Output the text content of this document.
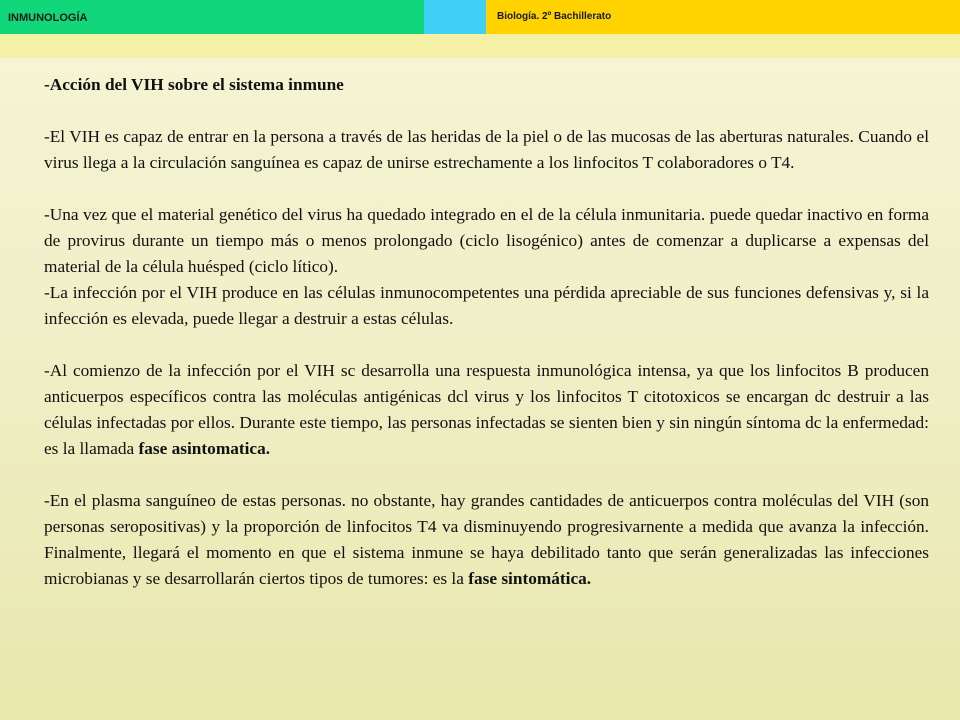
INMUNOLOGÍA	Biología. 2º Bachillerato

-Acción del VIH sobre el sistema inmune

-El VIH es capaz de entrar en la persona a través de las heridas de la piel o de las mucosas de las aberturas naturales. Cuando el virus llega a la circulación sanguínea es capaz de unirse estrechamente a los linfocitos T colaboradores o T4.

-Una vez que el material genético del virus ha quedado integrado en el de la célula inmunitaria. puede quedar inactivo en forma de provirus durante un tiempo más o menos prolongado (ciclo lisogénico) antes de comenzar a duplicarse a expensas del material de la célula huésped (ciclo lítico).

-La infección por el VIH produce en las células inmunocompetentes una pérdida apreciable de sus funciones defensivas y, si la infección es elevada, puede llegar a destruir a estas células.

-Al comienzo de la infección por el VIH sc desarrolla una respuesta inmunológica intensa, ya que los linfocitos B producen anticuerpos específicos contra las moléculas antigénicas dcl virus y los linfocitos T citotoxicos se encargan dc destruir a las células infectadas por ellos. Durante este tiempo, las personas infectadas se sienten bien y sin ningún síntoma dc la enfermedad: es la llamada fase asintomatica.

-En el plasma sanguíneo de estas personas. no obstante, hay grandes cantidades de anticuerpos contra moléculas del VIH (son personas seropositivas) y la proporción de linfocitos T4 va disminuyendo progresivarnente a medida que avanza la infección. Finalmente, llegará el momento en que el sistema inmune se haya debilitado tanto que serán generalizadas las infecciones microbianas y se desarrollarán ciertos tipos de tumores: es la fase sintomática.
